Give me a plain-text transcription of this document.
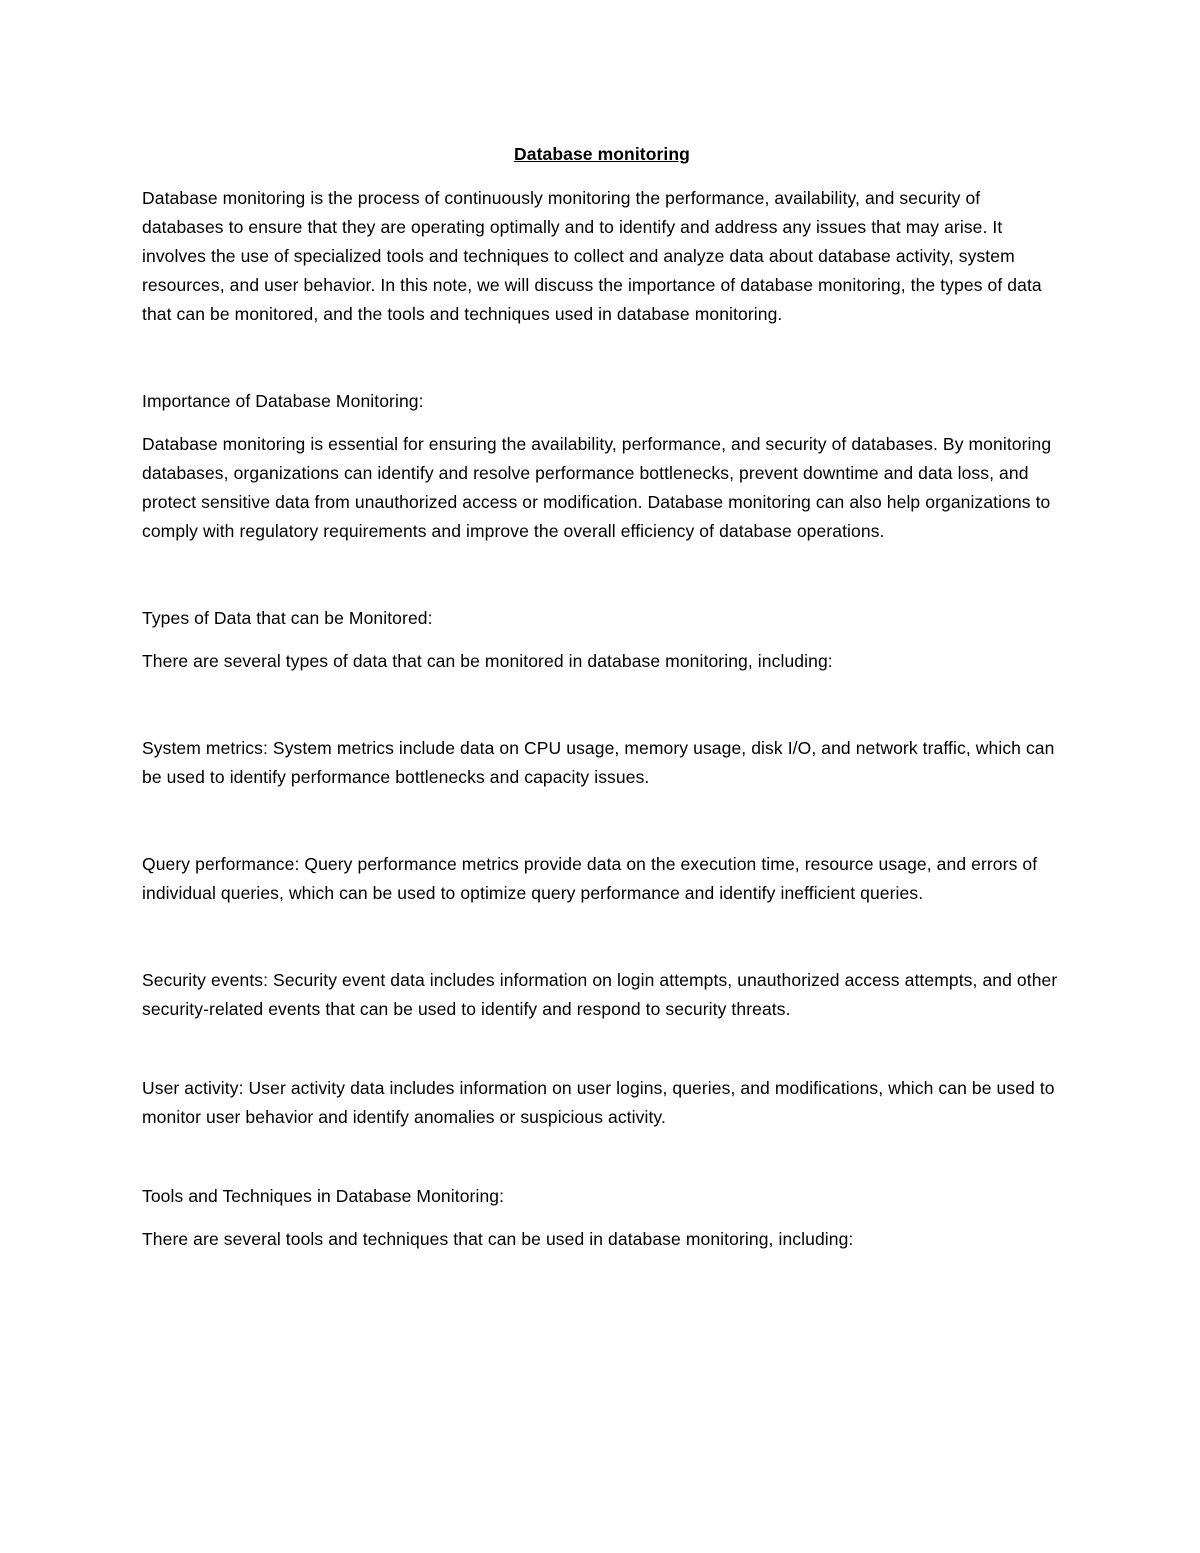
Database monitoring

Database monitoring is the process of continuously monitoring the performance, availability, and security of databases to ensure that they are operating optimally and to identify and address any issues that may arise. It involves the use of specialized tools and techniques to collect and analyze data about database activity, system resources, and user behavior. In this note, we will discuss the importance of database monitoring, the types of data that can be monitored, and the tools and techniques used in database monitoring.

Importance of Database Monitoring:

Database monitoring is essential for ensuring the availability, performance, and security of databases. By monitoring databases, organizations can identify and resolve performance bottlenecks, prevent downtime and data loss, and protect sensitive data from unauthorized access or modification. Database monitoring can also help organizations to comply with regulatory requirements and improve the overall efficiency of database operations.

Types of Data that can be Monitored:

There are several types of data that can be monitored in database monitoring, including:

System metrics: System metrics include data on CPU usage, memory usage, disk I/O, and network traffic, which can be used to identify performance bottlenecks and capacity issues.

Query performance: Query performance metrics provide data on the execution time, resource usage, and errors of individual queries, which can be used to optimize query performance and identify inefficient queries.

Security events: Security event data includes information on login attempts, unauthorized access attempts, and other security-related events that can be used to identify and respond to security threats.

User activity: User activity data includes information on user logins, queries, and modifications, which can be used to monitor user behavior and identify anomalies or suspicious activity.

Tools and Techniques in Database Monitoring:

There are several tools and techniques that can be used in database monitoring, including:
